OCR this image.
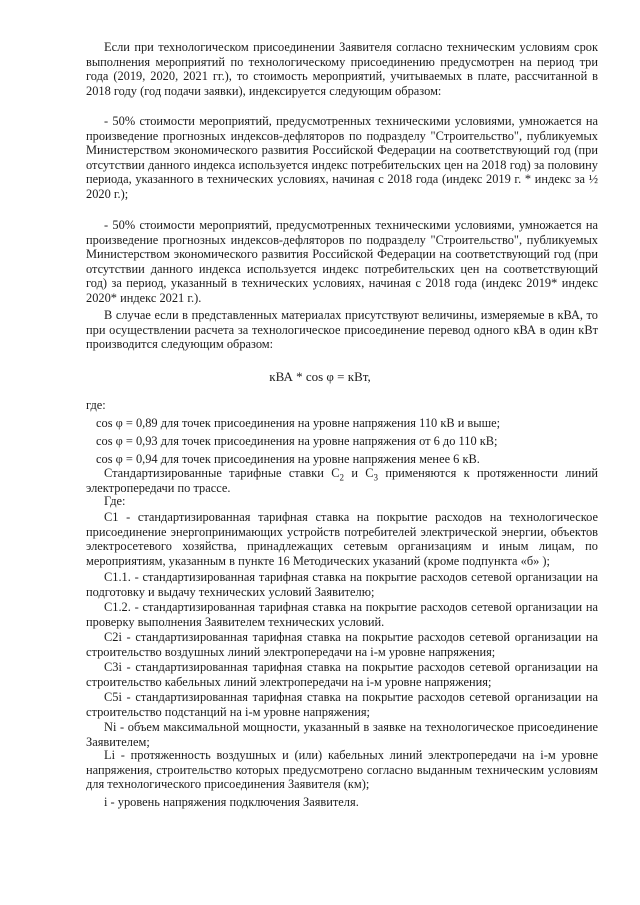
Если при технологическом присоединении Заявителя согласно техническим условиям срок выполнения мероприятий по технологическому присоединению предусмотрен на период три года (2019, 2020, 2021 гг.), то стоимость мероприятий, учитываемых в плате, рассчитанной в 2018 году (год подачи заявки), индексируется следующим образом:

- 50% стоимости мероприятий, предусмотренных техническими условиями, умножается на произведение прогнозных индексов-дефляторов по подразделу "Строительство", публикуемых Министерством экономического развития Российской Федерации на соответствующий год (при отсутствии данного индекса используется индекс потребительских цен на 2018 год) за половину периода, указанного в технических условиях, начиная с 2018 года (индекс 2019 г. * индекс за ½ 2020 г.);

- 50% стоимости мероприятий, предусмотренных техническими условиями, умножается на произведение прогнозных индексов-дефляторов по подразделу "Строительство", публикуемых Министерством экономического развития Российской Федерации на соответствующий год (при отсутствии данного индекса используется индекс потребительских цен на соответствующий год) за период, указанный в технических условиях, начиная с 2018 года (индекс 2019* индекс 2020* индекс 2021 г.).

В случае если в представленных материалах присутствуют величины, измеряемые в кВА, то при осуществлении расчета за технологическое присоединение перевод одного кВА в один кВт производится следующим образом:

кВА * cos φ = кВт,

где:

cos φ = 0,89 для точек присоединения на уровне напряжения 110 кВ и выше;

cos φ = 0,93 для точек присоединения на уровне напряжения от 6 до 110 кВ;

cos φ = 0,94 для точек присоединения на уровне напряжения менее 6 кВ.

Стандартизированные тарифные ставки $С_2$ и $С_3$ применяются к протяженности линий электропередачи по трассе.

Где:

С1 - стандартизированная тарифная ставка на покрытие расходов на технологическое присоединение энергопринимающих устройств потребителей электрической энергии, объектов электросетевого хозяйства, принадлежащих сетевым организациям и иным лицам, по мероприятиям, указанным в пункте 16 Методических указаний (кроме подпункта «б» );

С1.1. - стандартизированная тарифная ставка на покрытие расходов сетевой организации на подготовку и выдачу технических условий Заявителю;

С1.2. - стандартизированная тарифная ставка на покрытие расходов сетевой организации на проверку выполнения Заявителем технических условий.

С2i - стандартизированная тарифная ставка на покрытие расходов сетевой организации на строительство воздушных линий электропередачи на i-м уровне напряжения;

С3i - стандартизированная тарифная ставка на покрытие расходов сетевой организации на строительство кабельных линий электропередачи на i-м уровне напряжения;

С5i - стандартизированная тарифная ставка на покрытие расходов сетевой организации на строительство подстанций на i-м уровне напряжения;

Ni - объем максимальной мощности, указанный в заявке на технологическое присоединение Заявителем;

Li - протяженность воздушных и (или) кабельных линий электропередачи на i-м уровне напряжения, строительство которых предусмотрено согласно выданным техническим условиям для технологического присоединения Заявителя (км);

i - уровень напряжения подключения Заявителя.
